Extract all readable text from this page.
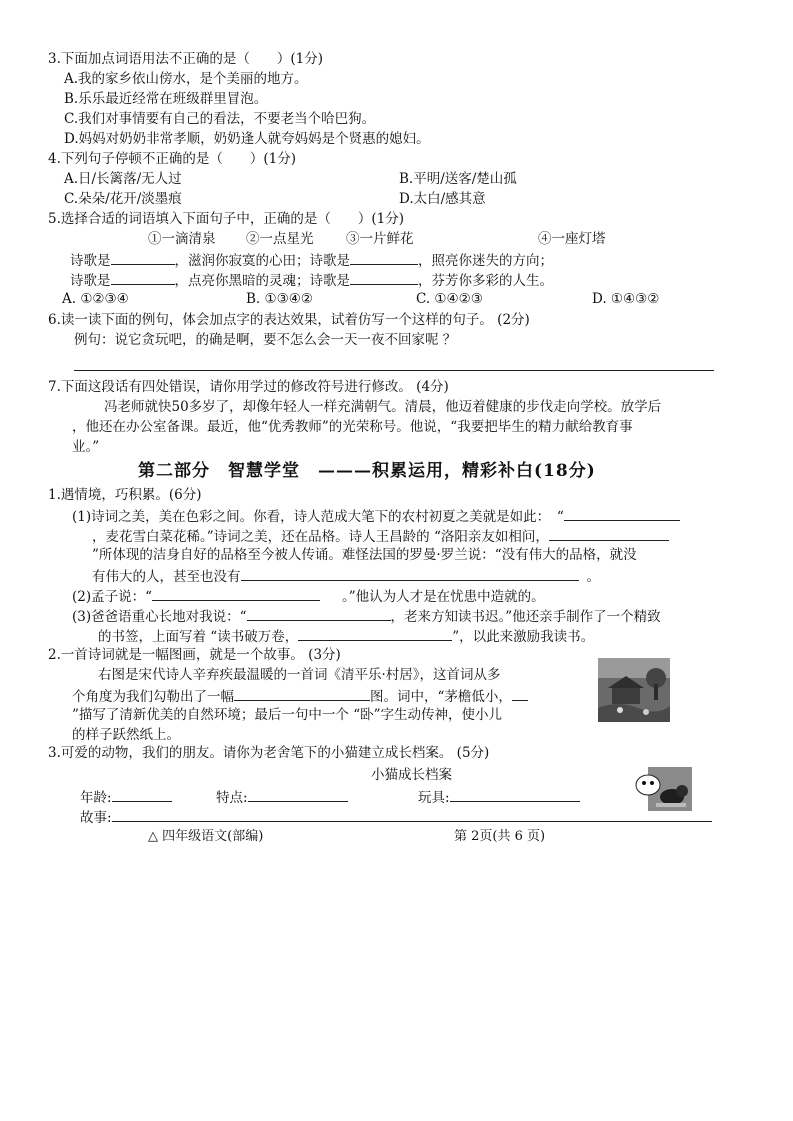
3.下面加点词语用法不正确的是（　　）(1分)
A.我的家乡依山傍水，是个美丽的地方。
B.乐乐最近经常在班级群里冒泡。
C.我们对事情要有自己的看法，不要老当个哈巴狗。
D.妈妈对奶奶非常孝顺，奶奶逢人就夸妈妈是个贤惠的媳妇。
4.下列句子停顿不正确的是（　　）(1分)
A.日/长篱落/无人过	B.平明/送客/楚山孤
C.朵朵/花开/淡墨痕	D.太白/感其意
5.选择合适的词语填入下面句子中，正确的是（　　）(1分)
①一滴清泉 ②一点星光 ③一片鲜花	④一座灯塔
诗歌是	，滋润你寂寞的心田；诗歌是	，照亮你迷失的方向；
诗歌是	，点亮你黑暗的灵魂；诗歌是	，芬芳你多彩的人生。
A. ①②③④	B. ①③④②	C. ①④②③	D. ①④③②
6.读一读下面的例句，体会加点字的表达效果，试着仿写一个这样的句子。 (2分)
例句：说它贪玩吧，的确是啊，要不怎么会一天一夜不回家呢 ？
7.下面这段话有四处错误，请你用学过的修改符号进行修改。 (4分)
冯老师就快50多岁了，却像年轻人一样充满朝气。清晨，他迈着健康的步伐走向学校。放学后
，他还在办公室备课。最近，他“优秀教师”的光荣称号。他说，“我要把毕生的精力献给教育事
业。”
第二部分　智慧学堂　———积累运用，精彩补白(18分)
1.遇情境，巧积累。(6分)
(1)诗词之美，美在色彩之间。你看，诗人范成大笔下的农村初夏之美就是如此：　“
，麦花雪白菜花稀。”诗词之美，还在品格。诗人王昌龄的 “洛阳亲友如相问，
”所体现的洁身自好的品格至今被人传诵。难怪法国的罗曼·罗兰说：“没有伟大的品格，就没
有伟大的人，甚至也没有	。
(2)孟子说：“	。”他认为人才是在忧患中造就的。
(3)爸爸语重心长地对我说：“	，老来方知读书迟。”他还亲手制作了一个精致
的书签，上面写着 “读书破万卷，	”，以此来激励我读书。
2.一首诗词就是一幅图画，就是一个故事。 (3分)
右图是宋代诗人辛弃疾最温暖的一首词《清平乐·村居》，这首词从多
个角度为我们勾勒出了一幅	图。词中，“茅檐低小，
”描写了清新优美的自然环境；最后一句中一个 “卧”字生动传神，使小儿
的样子跃然纸上。
3.可爱的动物，我们的朋友。请你为老舍笔下的小猫建立成长档案。 (5分)
小猫成长档案
年龄:	特点:	玩具:
故事:
△ 四年级语文(部编)	第 2页(共 6 页)
